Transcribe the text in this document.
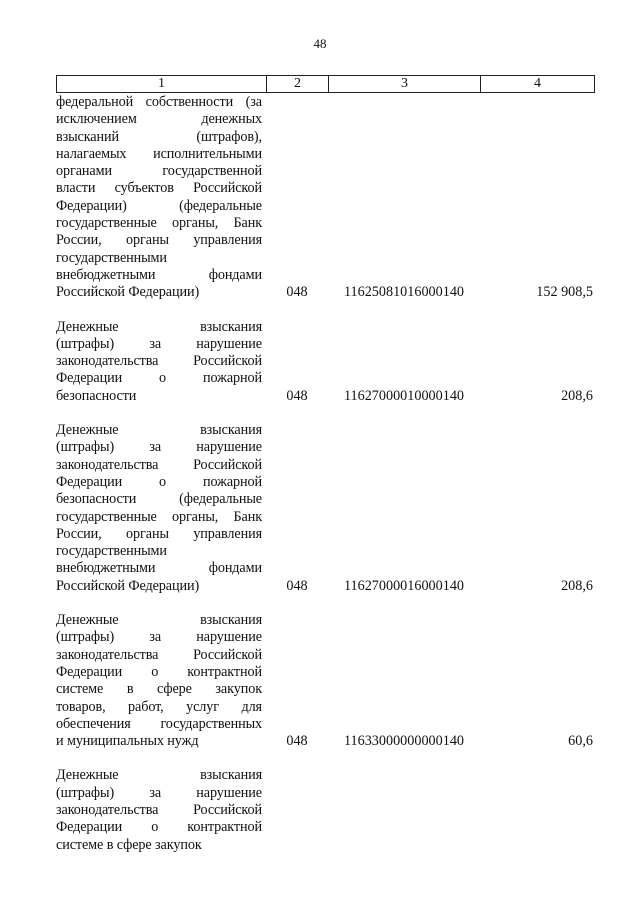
48
1	2	3	4
федеральной собственности (за
исключением денежных
взысканий (штрафов),
налагаемых исполнительными
органами государственной
власти субъектов Российской
Федерации) (федеральные
государственные органы, Банк
России, органы управления
государственными
внебюджетными фондами
Российской Федерации)	048	11625081016000140	152 908,5
Денежные взыскания
(штрафы) за нарушение
законодательства Российской
Федерации о пожарной
безопасности	048	11627000010000140	208,6
Денежные взыскания
(штрафы) за нарушение
законодательства Российской
Федерации о пожарной
безопасности (федеральные
государственные органы, Банк
России, органы управления
государственными
внебюджетными фондами
Российской Федерации)	048	11627000016000140	208,6
Денежные взыскания
(штрафы) за нарушение
законодательства Российской
Федерации о контрактной
системе в сфере закупок
товаров, работ, услуг для
обеспечения государственных
и муниципальных нужд	048	11633000000000140	60,6
Денежные взыскания
(штрафы) за нарушение
законодательства Российской
Федерации о контрактной
системе в сфере закупок
